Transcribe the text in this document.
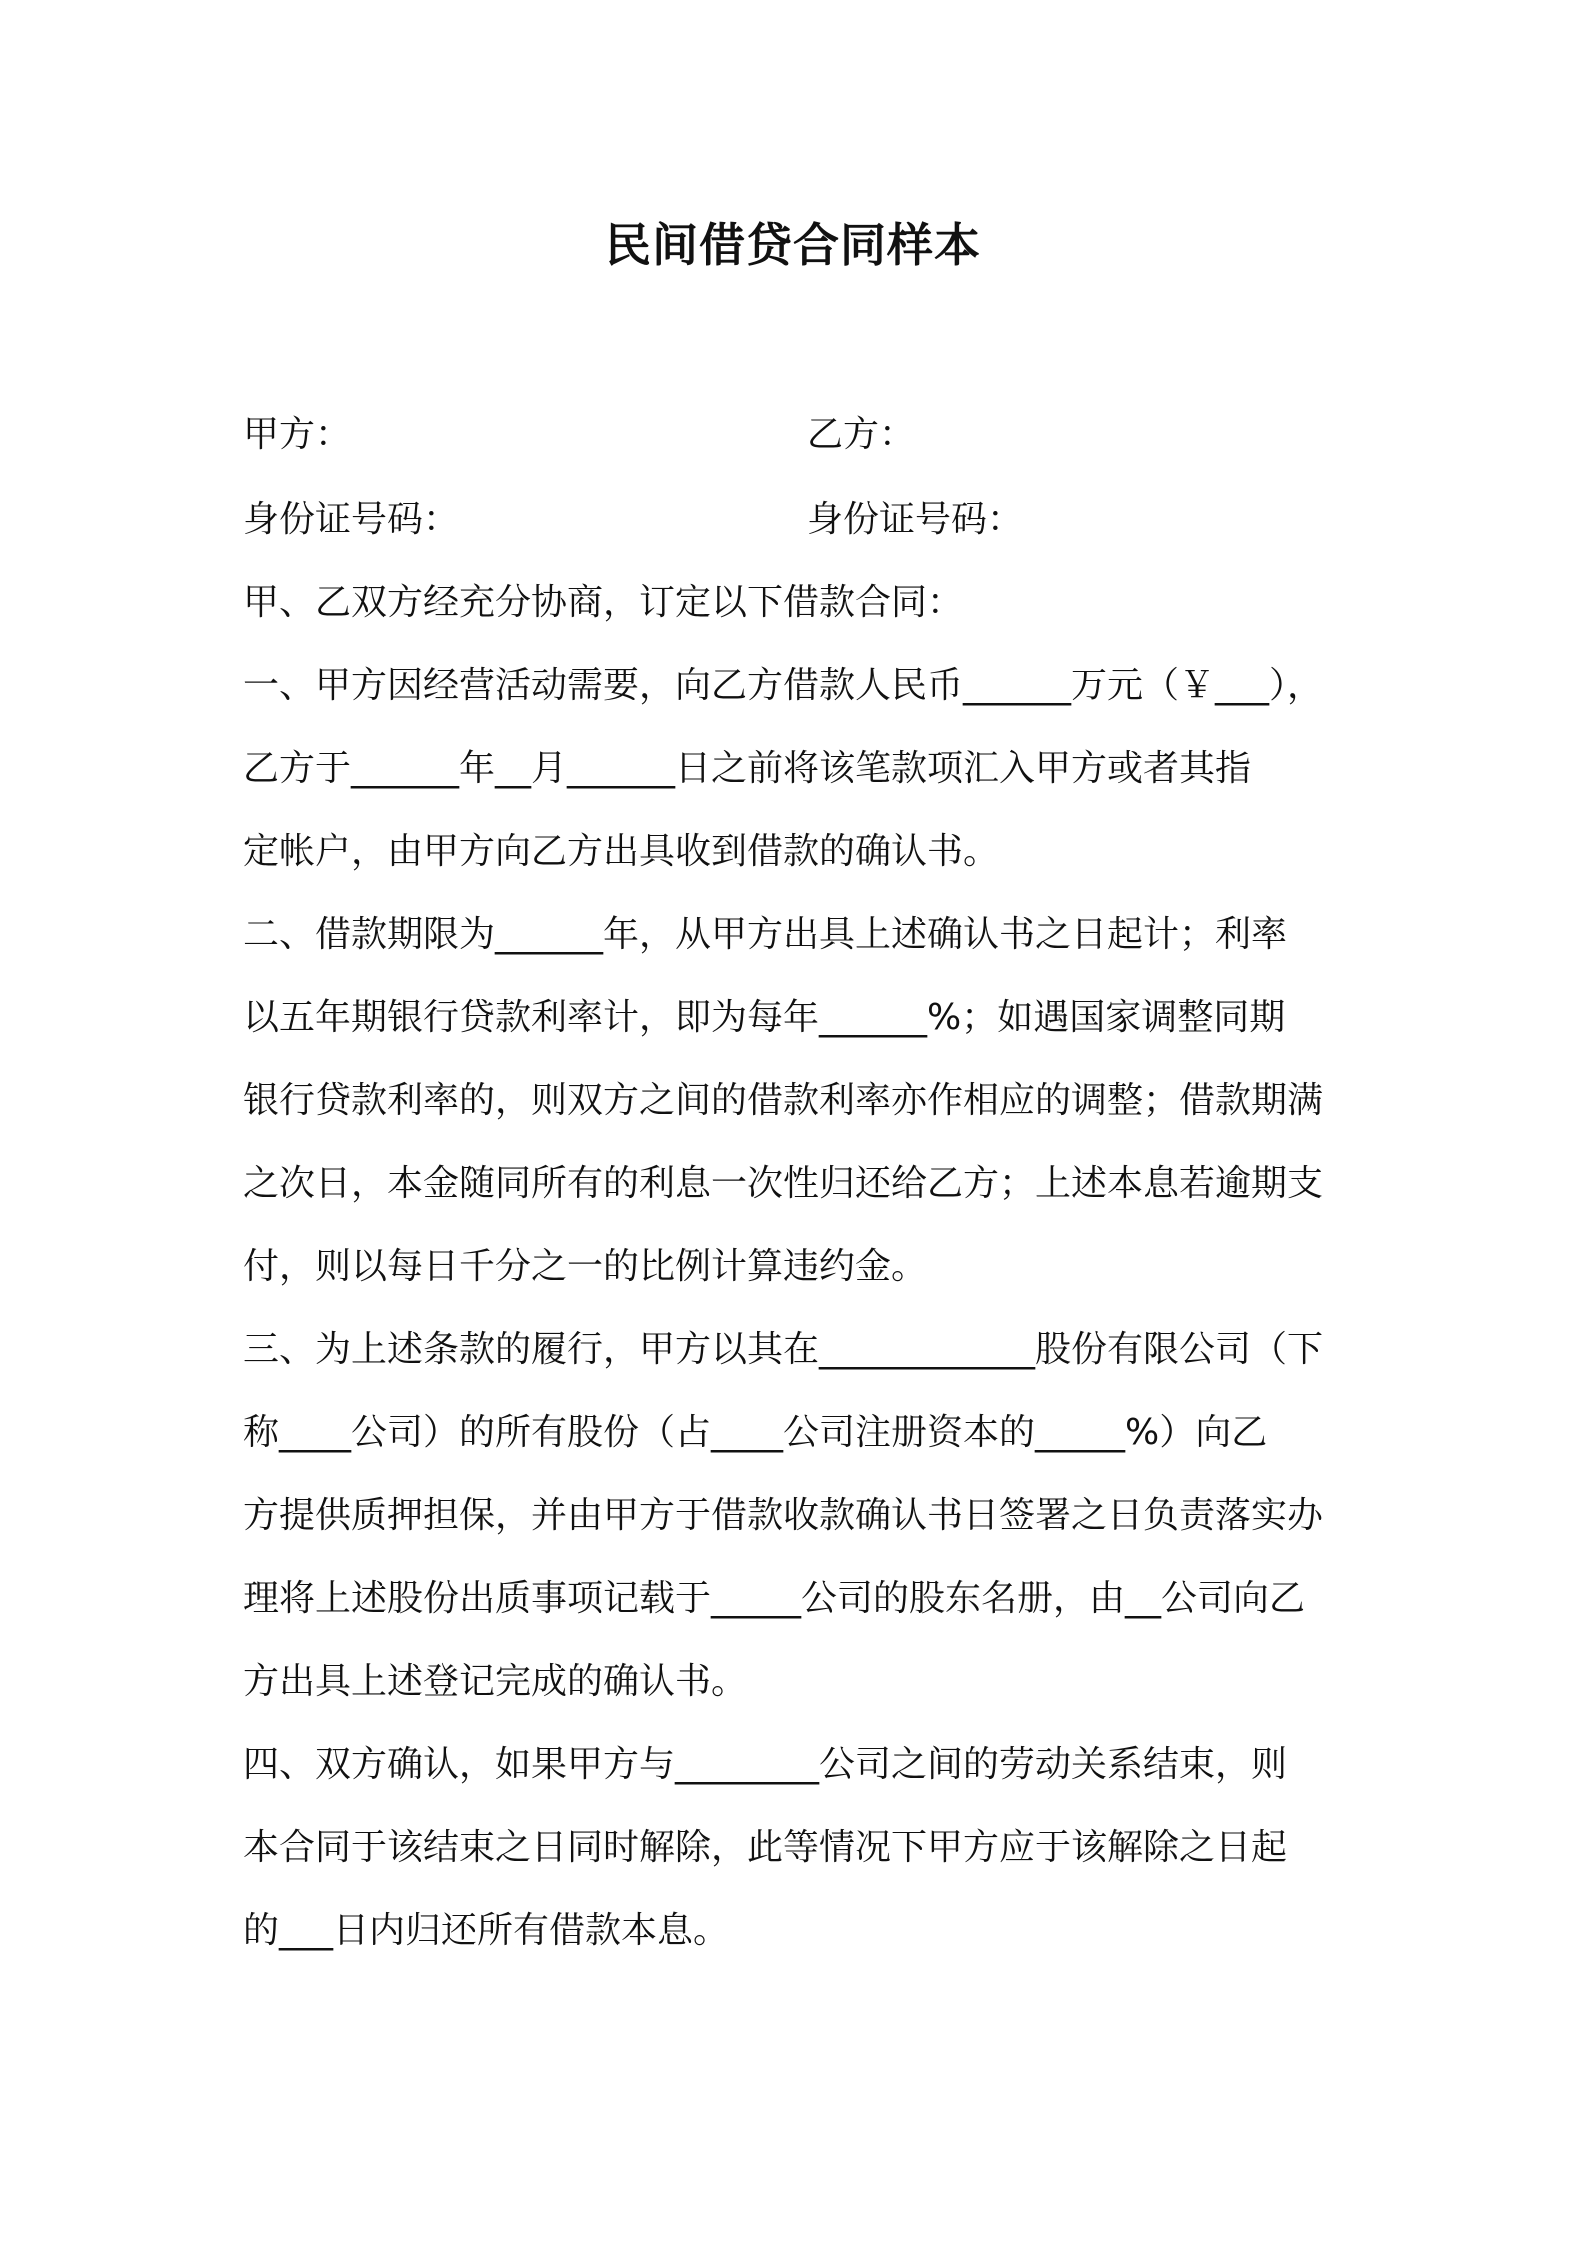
民间借贷合同样本
甲方：	乙方：
身份证号码：	身份证号码：
甲、乙双方经充分协商，订定以下借款合同：
一、甲方因经营活动需要，向乙方借款人民币______万元（￥___），
乙方于______年__月______日之前将该笔款项汇入甲方或者其指
定帐户，由甲方向乙方出具收到借款的确认书。
二、借款期限为______年，从甲方出具上述确认书之日起计；利率
以五年期银行贷款利率计，即为每年______%；如遇国家调整同期
银行贷款利率的，则双方之间的借款利率亦作相应的调整；借款期满
之次日，本金随同所有的利息一次性归还给乙方；上述本息若逾期支
付，则以每日千分之一的比例计算违约金。
三、为上述条款的履行，甲方以其在____________股份有限公司（下
称____公司）的所有股份（占____公司注册资本的_____%）向乙
方提供质押担保，并由甲方于借款收款确认书日签署之日负责落实办
理将上述股份出质事项记载于_____公司的股东名册，由__公司向乙
方出具上述登记完成的确认书。
四、双方确认，如果甲方与________公司之间的劳动关系结束，则
本合同于该结束之日同时解除，此等情况下甲方应于该解除之日起
的___日内归还所有借款本息。
